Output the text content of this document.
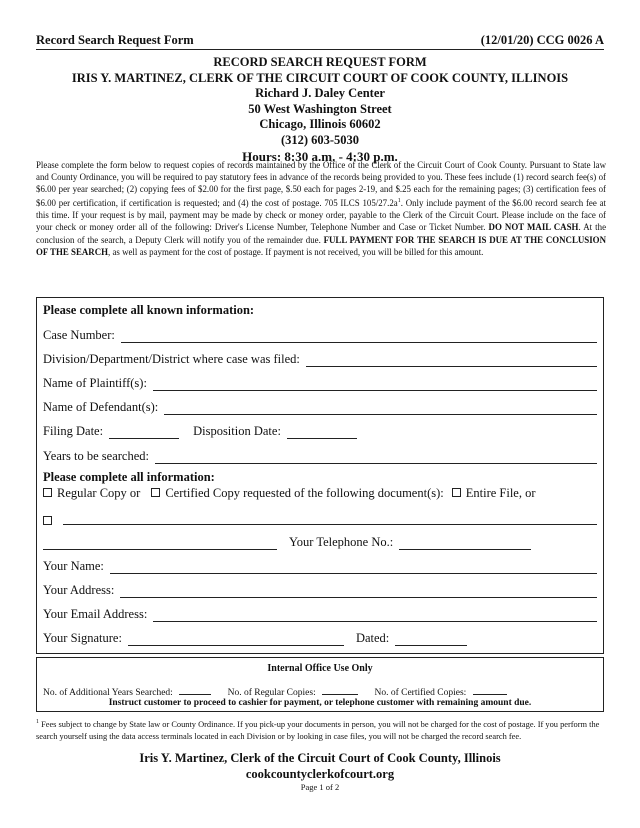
Record Search Request Form	(12/01/20) CCG 0026 A
RECORD SEARCH REQUEST FORM
IRIS Y. MARTINEZ, CLERK OF THE CIRCUIT COURT OF COOK COUNTY, ILLINOIS
Richard J. Daley Center
50 West Washington Street
Chicago, Illinois 60602
(312) 603-5030
Hours: 8:30 a.m. - 4:30 p.m.
Please complete the form below to request copies of records maintained by the Office of the Clerk of the Circuit Court of Cook County. Pursuant to State law and County Ordinance, you will be required to pay statutory fees in advance of the records being provided to you. These fees include (1) record search fee(s) of $6.00 per year searched; (2) copying fees of $2.00 for the first page, $.50 each for pages 2-19, and $.25 each for the remaining pages; (3) certification fees of $6.00 per certification, if certification is requested; and (4) the cost of postage. 705 ILCS $105/27.2a^1$. Only include payment of the $6.00 record search fee at this time. If your request is by mail, payment may be made by check or money order, payable to the Clerk of the Circuit Court. Please include on the face of your check or money order all of the following: Driver's License Number, Telephone Number and Case or Ticket Number. DO NOT MAIL CASH. At the conclusion of the search, a Deputy Clerk will notify you of the remainder due. FULL PAYMENT FOR THE SEARCH IS DUE AT THE CONCLUSION OF THE SEARCH, as well as payment for the cost of postage. If payment is not received, you will be billed for this amount.
Please complete all known information:
Case Number:
Division/Department/District where case was filed:
Name of Plaintiff(s):
Name of Defendant(s):
Filing Date:	Disposition Date:
Years to be searched:
Please complete all information:
Regular Copy or	Certified Copy requested of the following document(s):	Entire File, or
Your Telephone No.:
Your Name:
Your Address:
Your Email Address:
Your Signature:	Dated:
Internal Office Use Only
No. of Additional Years Searched:	No. of Regular Copies:	No. of Certified Copies:
Instruct customer to proceed to cashier for payment, or telephone customer with remaining amount due.
$^1$ Fees subject to change by State law or County Ordinance. If you pick-up your documents in person, you will not be charged for the cost of postage. If you perform the search yourself using the data access terminals located in each Division or by looking in case files, you will not be charged the record search fee.
Iris Y. Martinez, Clerk of the Circuit Court of Cook County, Illinois
cookcountyclerkofcourt.org
Page 1 of 2
